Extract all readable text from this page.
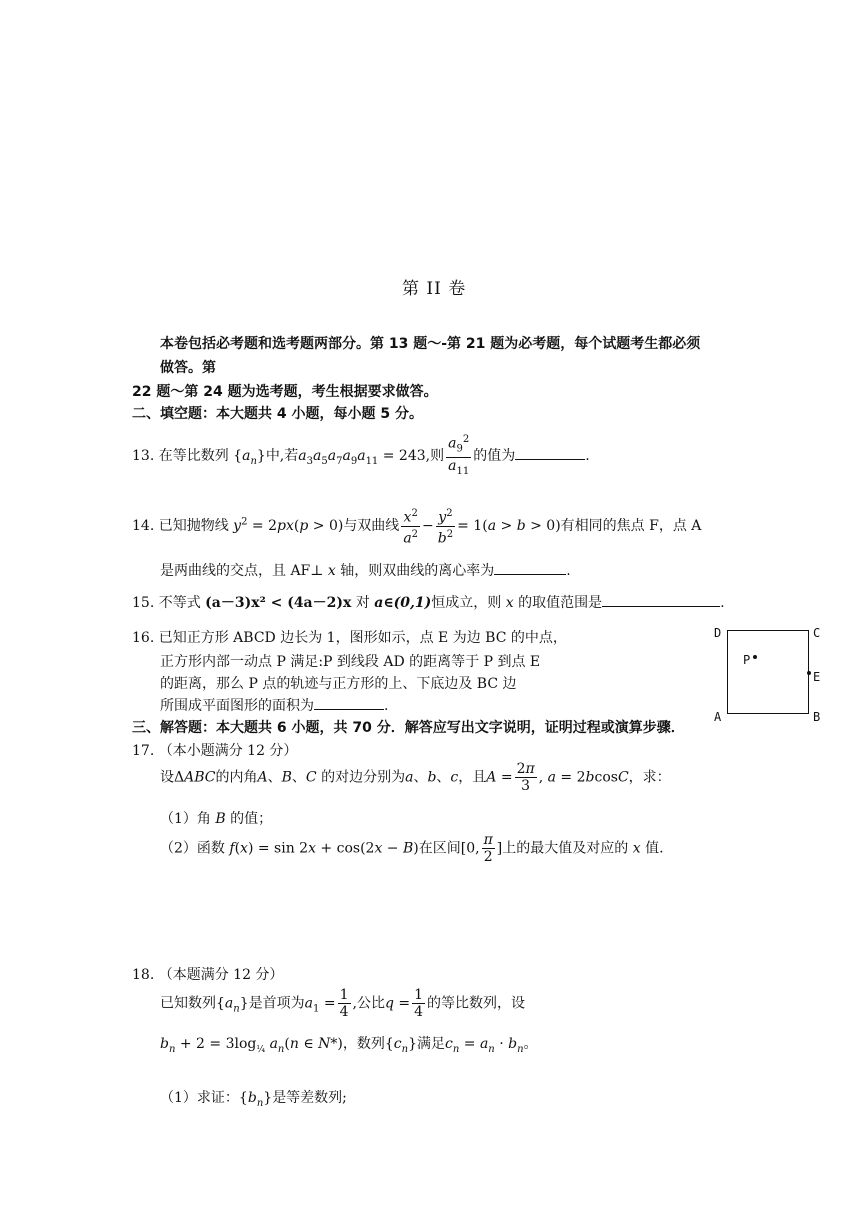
第 II 卷
本卷包括必考题和选考题两部分。第 13 题～-第 21 题为必考题，每个试题考生都必须
做答。第
22 题～第 24 题为选考题，考生根据要求做答。
二、填空题：本大题共 4 小题，每小题 5 分。
13. 在等比数列 $\{a_n\}$中,若$a_3a_5a_7a_9a_{11} = 243$,则 $\frac{a_9^2}{a_{11}}$ 的值为	.
14. 已知抛物线 $y^2 = 2px(p > 0)$与双曲线 $\frac{x^2}{a^2} - \frac{y^2}{b^2} = 1(a > b > 0)$有相同的焦点 F，点 A
是两曲线的交点，且 AF⊥ x 轴，则双曲线的离心率为	.
15. 不等式 (a－3)x² < (4a－2)x 对 a∈(0,1)恒成立，则 x 的取值范围是	.
16. 已知正方形 ABCD 边长为 1，图形如示，点 E 为边 BC 的中点，
正方形内部一动点 P 满足:P 到线段 AD 的距离等于 P 到点 E
的距离，那么 P 点的轨迹与正方形的上、下底边及 BC 边
所围成平面图形的面积为	.
D	C
E
A	B
P
三、解答题：本大题共 6 小题，共 70 分．解答应写出文字说明，证明过程或演算步骤．
17. （本小题满分 12 分）
设ΔABC的内角A、B、C 的对边分别为a、b、c，且$A = \frac{2\pi}{3}$ , a = 2bcosC，求：
（1）角 B 的值；
（2）函数 f(x) = sin 2x + cos(2x − B)在区间[0, $\frac{\pi}{2}$ ]上的最大值及对应的 x 值.
18. （本题满分 12 分）
已知数列$\{a_n\}$是首项为$a_1 = \frac{1}{4}$ ,公比$q = \frac{1}{4}$ 的等比数列，设
$b_n + 2 = 3\log_{\frac{1}{4}}$ $a_n(n$ ∈ N*)，数列$\{c_n\}$满足$c_n = a_n \cdot b_n$。
（1）求证：$\{b_n\}$是等差数列;
